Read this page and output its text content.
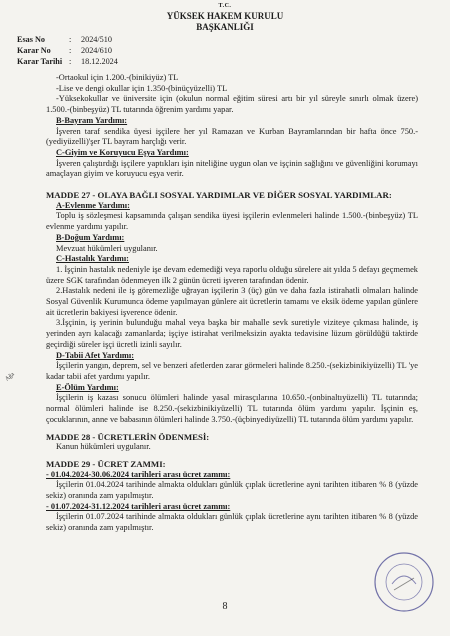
T.C.
YÜKSEK HAKEM KURULU
BAŞKANLIĞI
Esas No	:	2024/510
Karar No	:	2024/610
Karar Tarihi :	18.12.2024

-Ortaokul için 1.200.-(binikiyüz) TL

-Lise ve dengi okullar için 1.350-(binüçyüzelli) TL

-Yüksekokullar ve üniversite için (okulun normal eğitim süresi artı bir yıl süreyle sınırlı olmak üzere) 1.500.-(binbeşyüz) TL tutarında öğrenim yardımı yapar.

B-Bayram Yardımı:

İşveren taraf sendika üyesi işçilere her yıl Ramazan ve Kurban Bayramlarından bir hafta önce 750.-(yediyüzelli)'şer TL bayram harçlığı verir.

C-Giyim ve Koruyucu Eşya Yardımı:

İşveren çalıştırdığı işçilere yaptıkları işin niteliğine uygun olan ve işçinin sağlığını ve güvenliğini korumayı amaçlayan giyim ve koruyucu eşya verir.

MADDE 27 - OLAYA BAĞLI SOSYAL YARDIMLAR VE DİĞER SOSYAL YARDIMLAR:

A-Evlenme Yardımı:

Toplu iş sözleşmesi kapsamında çalışan sendika üyesi işçilerin evlenmeleri halinde 1.500.-(binbeşyüz) TL evlenme yardımı yapılır.

B-Doğum Yardımı:

Mevzuat hükümleri uygulanır.

C-Hastalık Yardımı:

1. İşçinin hastalık nedeniyle işe devam edemediği veya raporlu olduğu sürelere ait yılda 5 defayı geçmemek üzere SGK tarafından ödenmeyen ilk 2 günün ücreti işveren tarafından ödenir.

2.Hastalık nedeni ile iş göremezliğe uğrayan işçilerin 3 (üç) gün ve daha fazla istirahatli olmaları halinde Sosyal Güvenlik Kurumunca ödeme yapılmayan günlere ait ücretlerin tamamı ve eksik ödeme yapılan günlere ait ücretlerin bakiyesi işverence ödenir.

3.İşçinin, iş yerinin bulunduğu mahal veya başka bir mahalle sevk suretiyle viziteye çıkması halinde, iş yerinden ayrı kalacağı zamanlarda; işçiye istirahat verilmeksizin ayakta tedavisine lüzum görüldüğü taktirde geçirdiği süreler işçi ücretli izinli sayılır.

D-Tabii Afet Yardımı:

İşçilerin yangın, deprem, sel ve benzeri afetlerden zarar görmeleri halinde 8.250.-(sekizbinikiyüzelli) TL 'ye kadar tabii afet yardımı yapılır.

E-Ölüm Yardımı:

İşçilerin iş kazası sonucu ölümleri halinde yasal mirasçılarına 10.650.-(onbinaltıyüzelli) TL tutarında; normal ölümleri halinde ise 8.250.-(sekizbinikiyüzelli) TL tutarında ölüm yardımı yapılır. İşçinin eş, çocuklarının, anne ve babasının ölümleri halinde 3.750.-(üçbinyediyüzelli) TL tutarında ölüm yardımı yapılır.

MADDE 28 - ÜCRETLERİN ÖDENMESİ:

Kanun hükümleri uygulanır.

MADDE 29 - ÜCRET ZAMMI:

- 01.04.2024-30.06.2024 tarihleri arası ücret zammı:

İşçilerin 01.04.2024 tarihinde almakta oldukları günlük çıplak ücretlerine ayni tarihten itibaren % 8 (yüzde sekiz) oranında zam yapılmıştır.

- 01.07.2024-31.12.2024 tarihleri arası ücret zammı:

İşçilerin 01.07.2024 tarihinde almakta oldukları günlük çıplak ücretlerine aynı tarihten itibaren % 8 (yüzde sekiz) oranında zam yapılmıştır.

Ağa
8
